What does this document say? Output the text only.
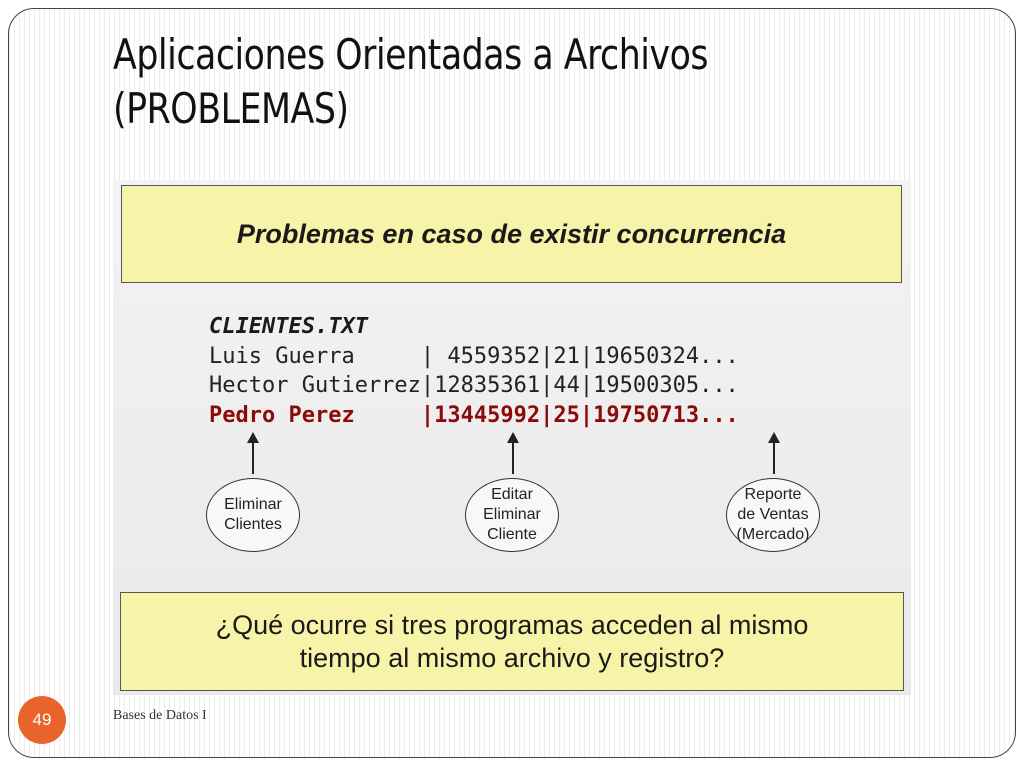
Aplicaciones Orientadas a Archivos
(PROBLEMAS)
Problemas en caso de existir concurrencia
CLIENTES.TXT
Luis Guerra     | 4559352|21|19650324...
Hector Gutierrez|12835361|44|19500305...
Pedro Perez     |13445992|25|19750713...
Eliminar
Clientes
Editar
Eliminar
Cliente
Reporte
de Ventas
(Mercado)
¿Qué ocurre si tres programas acceden al mismo
tiempo al mismo archivo y registro?
49	Bases de Datos I
